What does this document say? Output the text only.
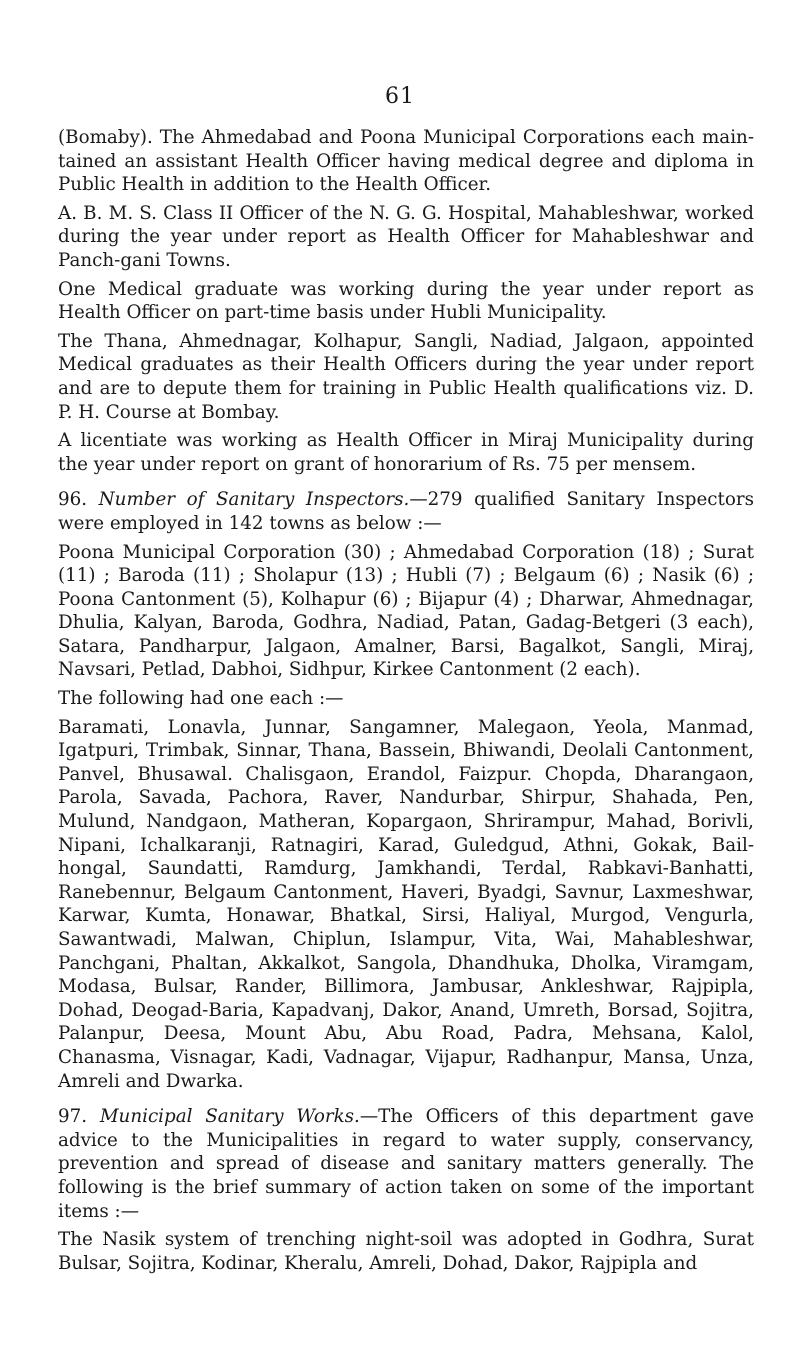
61

(Bomaby). The Ahmedabad and Poona Municipal Corporations each main-tained an assistant Health Officer having medical degree and diploma in Public Health in addition to the Health Officer.

A. B. M. S. Class II Officer of the N. G. G. Hospital, Mahableshwar, worked during the year under report as Health Officer for Mahableshwar and Panch-gani Towns.

One Medical graduate was working during the year under report as Health Officer on part-time basis under Hubli Municipality.

The Thana, Ahmednagar, Kolhapur, Sangli, Nadiad, Jalgaon, appointed Medical graduates as their Health Officers during the year under report and are to depute them for training in Public Health qualifications viz. D. P. H. Course at Bombay.

A licentiate was working as Health Officer in Miraj Municipality during the year under report on grant of honorarium of Rs. 75 per mensem.

96. Number of Sanitary Inspectors.—279 qualified Sanitary Inspectors were employed in 142 towns as below :—

Poona Municipal Corporation (30) ; Ahmedabad Corporation (18) ; Surat (11) ; Baroda (11) ; Sholapur (13) ; Hubli (7) ; Belgaum (6) ; Nasik (6) ; Poona Cantonment (5), Kolhapur (6) ; Bijapur (4) ; Dharwar, Ahmednagar, Dhulia, Kalyan, Baroda, Godhra, Nadiad, Patan, Gadag-Betgeri (3 each), Satara, Pandharpur, Jalgaon, Amalner, Barsi, Bagalkot, Sangli, Miraj, Navsari, Petlad, Dabhoi, Sidhpur, Kirkee Cantonment (2 each).

The following had one each :—

Baramati, Lonavla, Junnar, Sangamner, Malegaon, Yeola, Manmad, Igatpuri, Trimbak, Sinnar, Thana, Bassein, Bhiwandi, Deolali Cantonment, Panvel, Bhusawal. Chalisgaon, Erandol, Faizpur. Chopda, Dharangaon, Parola, Savada, Pachora, Raver, Nandurbar, Shirpur, Shahada, Pen, Mulund, Nandgaon, Matheran, Kopargaon, Shrirampur, Mahad, Borivli, Nipani, Ichalkaranji, Ratnagiri, Karad, Guledgud, Athni, Gokak, Bail-hongal, Saundatti, Ramdurg, Jamkhandi, Terdal, Rabkavi-Banhatti, Ranebennur, Belgaum Cantonment, Haveri, Byadgi, Savnur, Laxmeshwar, Karwar, Kumta, Honawar, Bhatkal, Sirsi, Haliyal, Murgod, Vengurla, Sawantwadi, Malwan, Chiplun, Islampur, Vita, Wai, Mahableshwar, Panchgani, Phaltan, Akkalkot, Sangola, Dhandhuka, Dholka, Viramgam, Modasa, Bulsar, Rander, Billimora, Jambusar, Ankleshwar, Rajpipla, Dohad, Deogad-Baria, Kapadvanj, Dakor, Anand, Umreth, Borsad, Sojitra, Palanpur, Deesa, Mount Abu, Abu Road, Padra, Mehsana, Kalol, Chanasma, Visnagar, Kadi, Vadnagar, Vijapur, Radhanpur, Mansa, Unza, Amreli and Dwarka.

97. Municipal Sanitary Works.—The Officers of this department gave advice to the Municipalities in regard to water supply, conservancy, prevention and spread of disease and sanitary matters generally. The following is the brief summary of action taken on some of the important items :—

The Nasik system of trenching night-soil was adopted in Godhra, Surat Bulsar, Sojitra, Kodinar, Kheralu, Amreli, Dohad, Dakor, Rajpipla and
